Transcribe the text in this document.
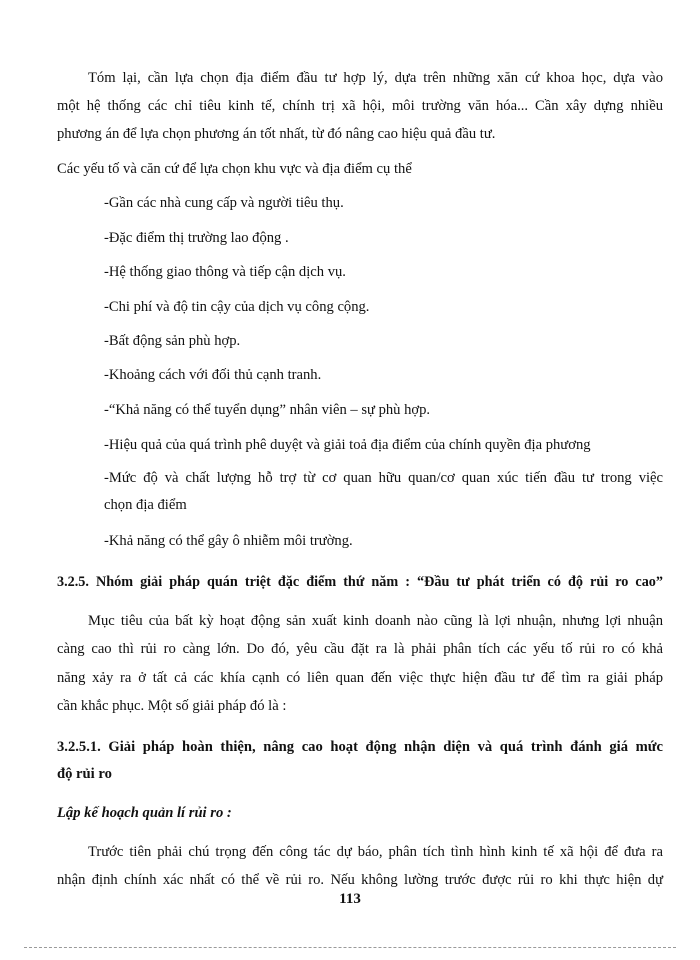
Tóm lại, cần lựa chọn địa điểm đầu tư hợp lý, dựa trên những xăn cứ khoa học, dựa vào
một hệ thống các chỉ tiêu kinh tế, chính trị xã hội, môi trường văn hóa... Cần xây dựng nhiều
phương án để lựa chọn phương án tốt nhất, từ đó nâng cao hiệu quả đầu tư.
Các yếu tố và căn cứ để lựa chọn khu vực và địa điểm cụ thể
-Gần các nhà cung cấp và người tiêu thụ.
-Đặc điểm thị trường lao động .
-Hệ thống giao thông và tiếp cận dịch vụ.
-Chi phí và độ tin cậy của dịch vụ công cộng.
-Bất động sản phù hợp.
-Khoảng cách với đối thủ cạnh tranh.
-“Khả năng có thể tuyển dụng” nhân viên – sự phù hợp.
-Hiệu quả của quá trình phê duyệt và giải toả địa điểm của chính quyền địa phương
-Mức độ và chất lượng hỗ trợ từ cơ quan hữu quan/cơ quan xúc tiến đầu tư trong việc
chọn địa điểm
-Khả năng có thể gây ô nhiễm môi trường.
3.2.5. Nhóm giải pháp quán triệt đặc điểm thứ năm : “Đầu tư phát triển có độ rủi ro cao”
Mục tiêu của bất kỳ hoạt động sản xuất kinh doanh nào cũng là lợi nhuận, nhưng lợi nhuận
càng cao thì rủi ro càng lớn. Do đó, yêu cầu đặt ra là phải phân tích các yếu tố rủi ro có khả
năng xảy ra ở tất cả các khía cạnh có liên quan đến việc thực hiện đầu tư để tìm ra giải pháp
cần khắc phục. Một số giải pháp đó là :
3.2.5.1. Giải pháp hoàn thiện, nâng cao hoạt động nhận diện và quá trình đánh giá mức
độ rủi ro
Lập kế hoạch quản lí rủi ro :
Trước tiên phải chú trọng đến công tác dự báo, phân tích tình hình kinh tế xã hội để đưa ra
nhận định chính xác nhất có thể về rủi ro. Nếu không lường trước được rủi ro khi thực hiện dự
113
